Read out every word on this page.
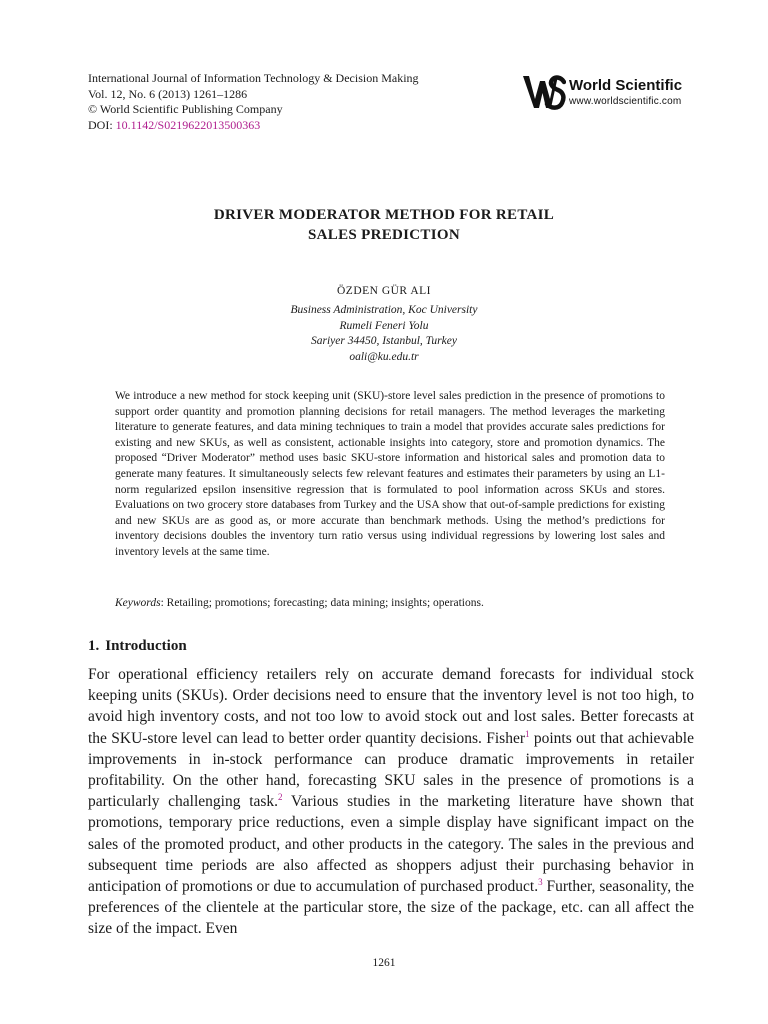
International Journal of Information Technology & Decision Making
Vol. 12, No. 6 (2013) 1261–1286
© World Scientific Publishing Company
DOI: 10.1142/S0219622013500363
World Scientific
www.worldscientific.com
DRIVER MODERATOR METHOD FOR RETAIL
SALES PREDICTION
ÖZDEN GÜR ALI
Business Administration, Koc University
Rumeli Feneri Yolu
Sariyer 34450, Istanbul, Turkey
oali@ku.edu.tr
We introduce a new method for stock keeping unit (SKU)-store level sales prediction in the presence of promotions to support order quantity and promotion planning decisions for retail managers. The method leverages the marketing literature to generate features, and data mining techniques to train a model that provides accurate sales predictions for existing and new SKUs, as well as consistent, actionable insights into category, store and promotion dynamics. The proposed “Driver Moderator” method uses basic SKU-store information and historical sales and promotion data to generate many features. It simultaneously selects few relevant features and estimates their parameters by using an L1-norm regularized epsilon insensitive regression that is formulated to pool information across SKUs and stores. Evaluations on two grocery store databases from Turkey and the USA show that out-of-sample predictions for existing and new SKUs are as good as, or more accurate than benchmark methods. Using the method’s predictions for inventory decisions doubles the inventory turn ratio versus using individual regressions by lowering lost sales and inventory levels at the same time.
Keywords: Retailing; promotions; forecasting; data mining; insights; operations.
1. Introduction
For operational efficiency retailers rely on accurate demand forecasts for individual stock keeping units (SKUs). Order decisions need to ensure that the inventory level is not too high, to avoid high inventory costs, and not too low to avoid stock out and lost sales. Better forecasts at the SKU-store level can lead to better order quantity decisions. Fisher$^1$ points out that achievable improvements in in-stock performance can produce dramatic improvements in retailer profitability. On the other hand, forecasting SKU sales in the presence of promotions is a particularly challenging task.$^2$ Various studies in the marketing literature have shown that promotions, temporary price reductions, even a simple display have significant impact on the sales of the promoted product, and other products in the category. The sales in the previous and subsequent time periods are also affected as shoppers adjust their purchasing behavior in anticipation of promotions or due to accumulation of purchased product.$^3$ Further, seasonality, the preferences of the clientele at the particular store, the size of the package, etc. can all affect the size of the impact. Even
1261
